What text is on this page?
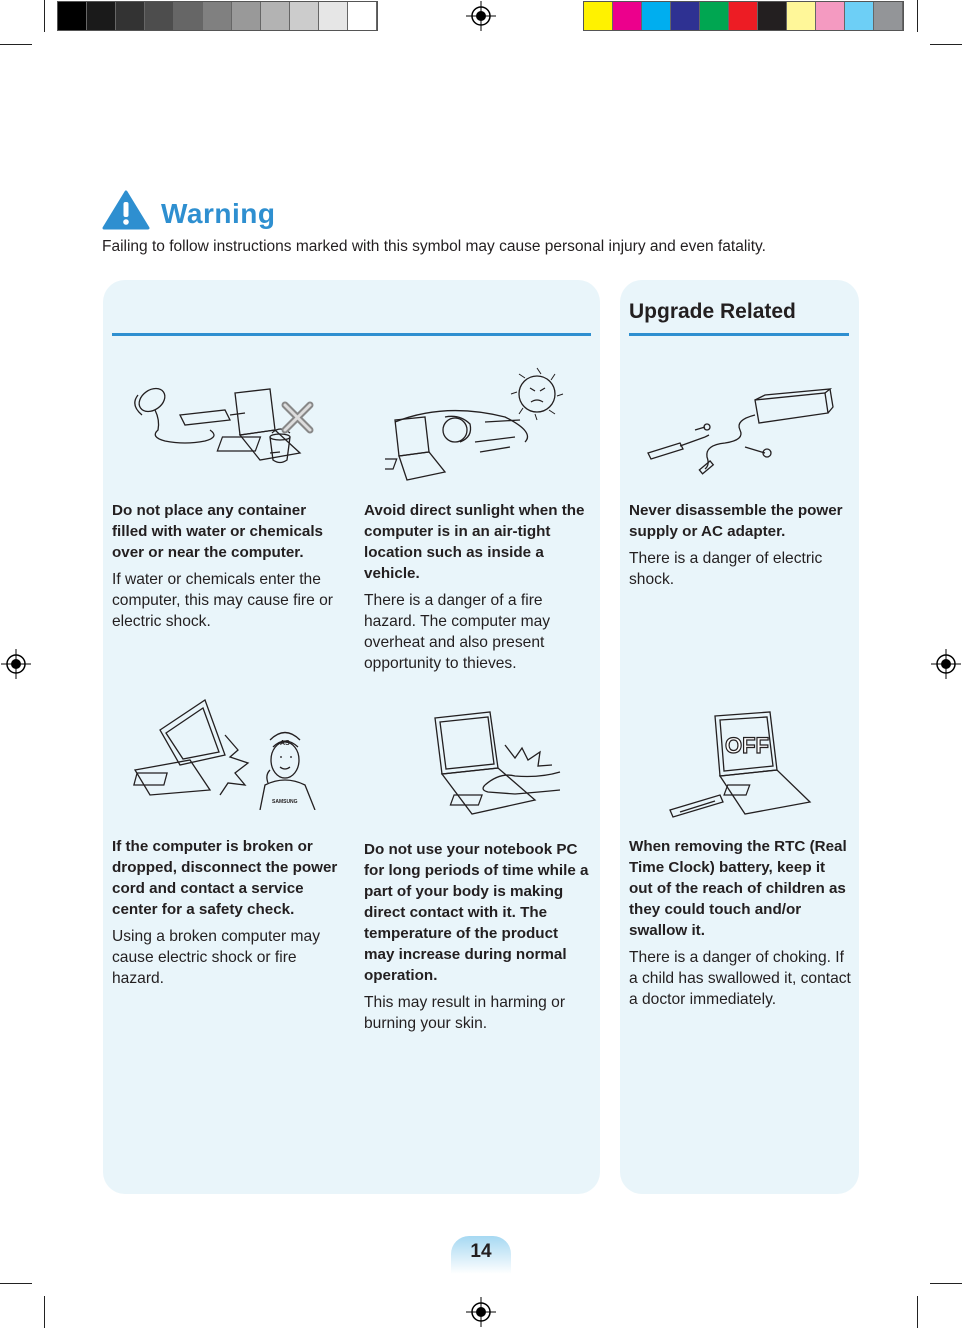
Warning
Failing to follow instructions marked with this symbol may cause personal injury and even fatality.
Upgrade Related
AS
SAMSUNG
OFF

Do not place any container filled with water or chemicals over or near the computer.

If water or chemicals enter the computer, this may cause fire or electric shock.

Avoid direct sunlight when the computer is in an air-tight location such as inside a vehicle.

There is a danger of a fire hazard. The computer may overheat and also present opportunity to thieves.

Never disassemble the power supply or AC adapter.

There is a danger of electric shock.

If the computer is broken or dropped, disconnect the power cord and contact a service center for a safety check.

Using a broken computer may cause electric shock or fire hazard.

Do not use your notebook PC for long periods of time while a part of your body is making direct contact with it. The temperature of the product may increase during normal operation.

This may result in harming or burning your skin.

When removing the RTC (Real Time Clock) battery, keep it out of the reach of children as they could touch and/or swallow it.

There is a danger of choking. If a child has swallowed it, contact a doctor immediately.

14
